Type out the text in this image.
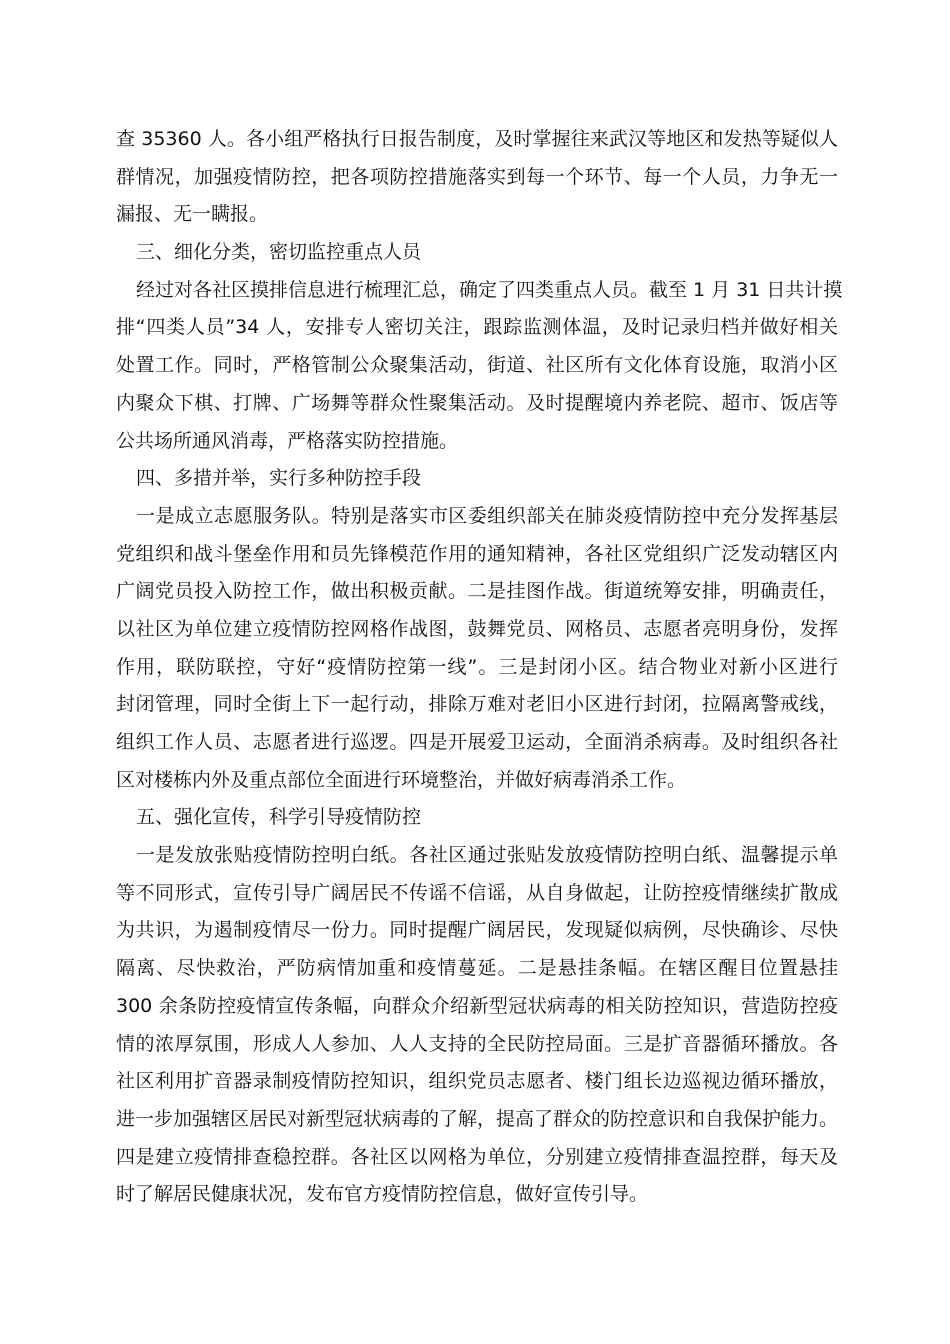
查 35360 人。各小组严格执行日报告制度，及时掌握往来武汉等地区和发热等疑似人
群情况，加强疫情防控，把各项防控措施落实到每一个环节、每一个人员，力争无一
漏报、无一瞒报。
三、细化分类，密切监控重点人员
经过对各社区摸排信息进行梳理汇总，确定了四类重点人员。截至 1 月 31 日共计摸
排“四类人员”34 人，安排专人密切关注，跟踪监测体温，及时记录归档并做好相关
处置工作。同时，严格管制公众聚集活动，街道、社区所有文化体育设施，取消小区
内聚众下棋、打牌、广场舞等群众性聚集活动。及时提醒境内养老院、超市、饭店等
公共场所通风消毒，严格落实防控措施。
四、多措并举，实行多种防控手段
一是成立志愿服务队。特别是落实市区委组织部关在肺炎疫情防控中充分发挥基层
党组织和战斗堡垒作用和员先锋模范作用的通知精神，各社区党组织广泛发动辖区内
广阔党员投入防控工作，做出积极贡献。二是挂图作战。街道统筹安排，明确责任，
以社区为单位建立疫情防控网格作战图，鼓舞党员、网格员、志愿者亮明身份，发挥
作用，联防联控，守好“疫情防控第一线”。三是封闭小区。结合物业对新小区进行
封闭管理，同时全街上下一起行动，排除万难对老旧小区进行封闭，拉隔离警戒线，
组织工作人员、志愿者进行巡逻。四是开展爱卫运动，全面消杀病毒。及时组织各社
区对楼栋内外及重点部位全面进行环境整治，并做好病毒消杀工作。
五、强化宣传，科学引导疫情防控
一是发放张贴疫情防控明白纸。各社区通过张贴发放疫情防控明白纸、温馨提示单
等不同形式，宣传引导广阔居民不传谣不信谣，从自身做起，让防控疫情继续扩散成
为共识，为遏制疫情尽一份力。同时提醒广阔居民，发现疑似病例，尽快确诊、尽快
隔离、尽快救治，严防病情加重和疫情蔓延。二是悬挂条幅。在辖区醒目位置悬挂
300 余条防控疫情宣传条幅，向群众介绍新型冠状病毒的相关防控知识，营造防控疫
情的浓厚氛围，形成人人参加、人人支持的全民防控局面。三是扩音器循环播放。各
社区利用扩音器录制疫情防控知识，组织党员志愿者、楼门组长边巡视边循环播放，
进一步加强辖区居民对新型冠状病毒的了解，提高了群众的防控意识和自我保护能力。
四是建立疫情排查稳控群。各社区以网格为单位，分别建立疫情排查温控群，每天及
时了解居民健康状况，发布官方疫情防控信息，做好宣传引导。
